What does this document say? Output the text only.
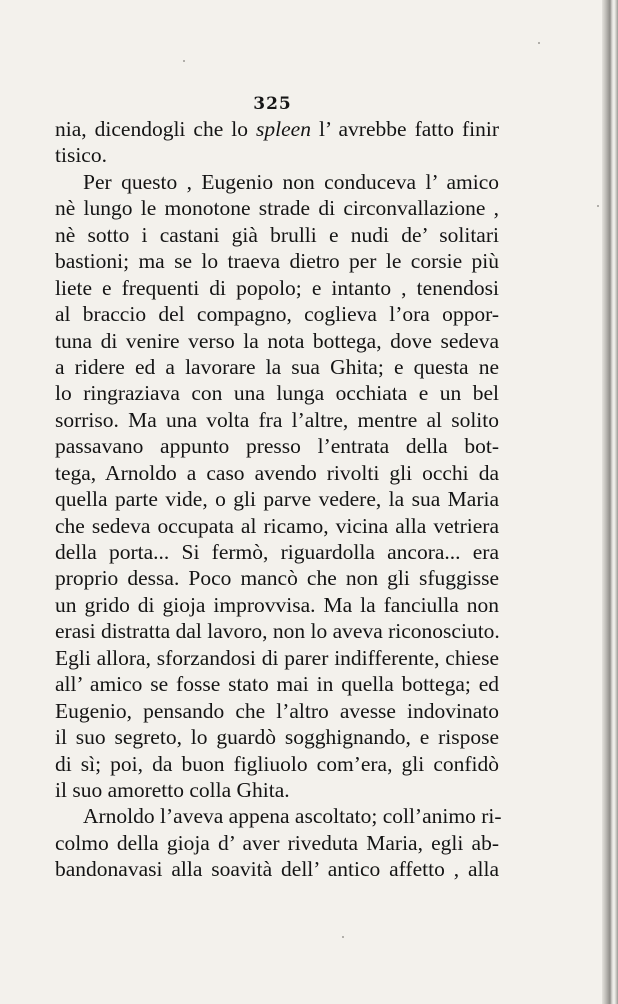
325
nia, dicendogli che lo spleen l’ avrebbe fatto finir
tisico.
Per questo , Eugenio non conduceva l’ amico
nè lungo le monotone strade di circonvallazione ,
nè sotto i castani già brulli e nudi de’ solitari
bastioni; ma se lo traeva dietro per le corsie più
liete e frequenti di popolo; e intanto , tenendosi
al braccio del compagno, coglieva l’ora oppor-
tuna di venire verso la nota bottega, dove sedeva
a ridere ed a lavorare la sua Ghita; e questa ne
lo ringraziava con una lunga occhiata e un bel
sorriso. Ma una volta fra l’altre, mentre al solito
passavano appunto presso l’entrata della bot-
tega, Arnoldo a caso avendo rivolti gli occhi da
quella parte vide, o gli parve vedere, la sua Maria
che sedeva occupata al ricamo, vicina alla vetriera
della porta... Si fermò, riguardolla ancora... era
proprio dessa. Poco mancò che non gli sfuggisse
un grido di gioja improvvisa. Ma la fanciulla non
erasi distratta dal lavoro, non lo aveva riconosciuto.
Egli allora, sforzandosi di parer indifferente, chiese
all’ amico se fosse stato mai in quella bottega; ed
Eugenio, pensando che l’altro avesse indovinato
il suo segreto, lo guardò sogghignando, e rispose
di sì; poi, da buon figliuolo com’era, gli confidò
il suo amoretto colla Ghita.
Arnoldo l’aveva appena ascoltato; coll’animo ri-
colmo della gioja d’ aver riveduta Maria, egli ab-
bandonavasi alla soavità dell’ antico affetto , alla
